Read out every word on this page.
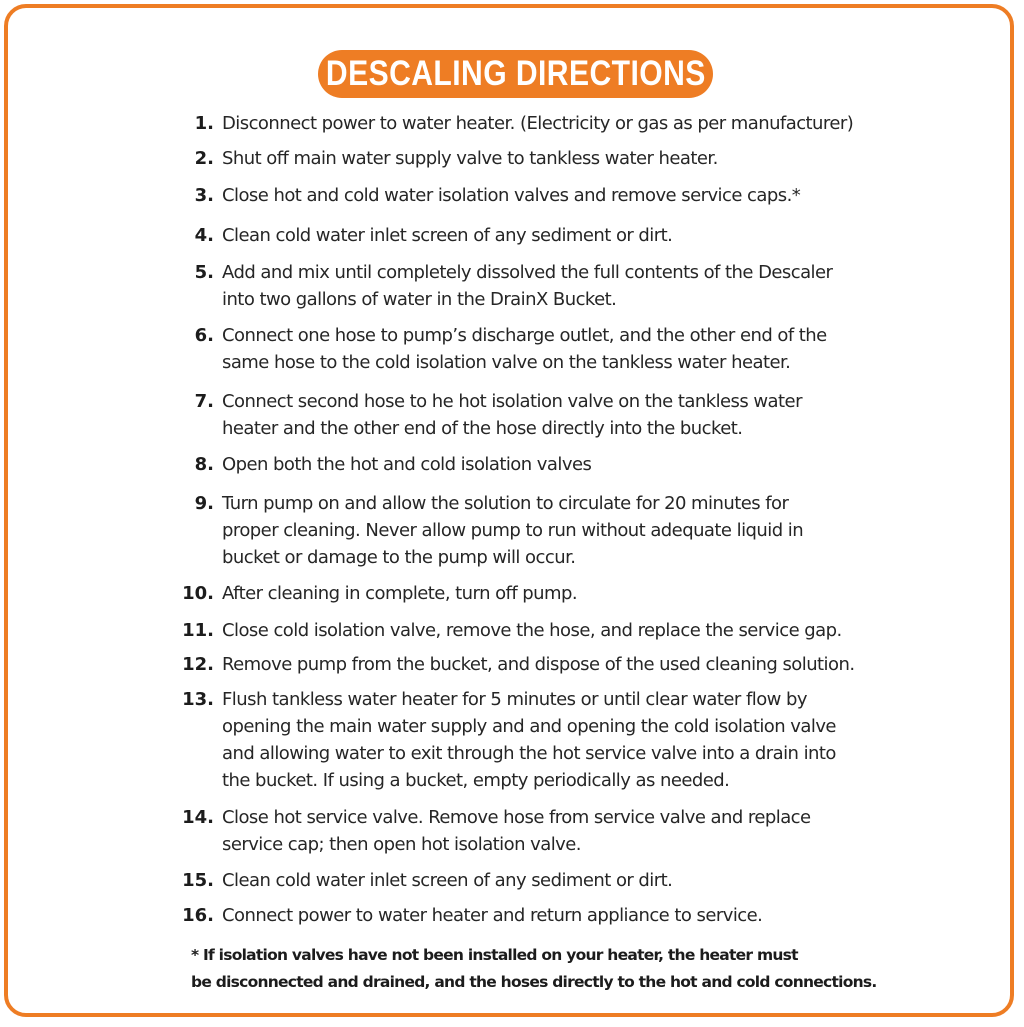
DESCALING DIRECTIONS
1. Disconnect power to water heater. (Electricity or gas as per manufacturer)
2. Shut off main water supply valve to tankless water heater.
3. Close hot and cold water isolation valves and remove service caps.*
4. Clean cold water inlet screen of any sediment or dirt.
5. Add and mix until completely dissolved the full contents of the Descaler
into two gallons of water in the DrainX Bucket.
6. Connect one hose to pump’s discharge outlet, and the other end of the
same hose to the cold isolation valve on the tankless water heater.
7. Connect second hose to he hot isolation valve on the tankless water
heater and the other end of the hose directly into the bucket.
8. Open both the hot and cold isolation valves
9. Turn pump on and allow the solution to circulate for 20 minutes for
proper cleaning. Never allow pump to run without adequate liquid in
bucket or damage to the pump will occur.
10. After cleaning in complete, turn off pump.
11. Close cold isolation valve, remove the hose, and replace the service gap.
12. Remove pump from the bucket, and dispose of the used cleaning solution.
13. Flush tankless water heater for 5 minutes or until clear water flow by
opening the main water supply and and opening the cold isolation valve
and allowing water to exit through the hot service valve into a drain into
the bucket. If using a bucket, empty periodically as needed.
14. Close hot service valve. Remove hose from service valve and replace
service cap; then open hot isolation valve.
15. Clean cold water inlet screen of any sediment or dirt.
16. Connect power to water heater and return appliance to service.
* If isolation valves have not been installed on your heater, the heater must
be disconnected and drained, and the hoses directly to the hot and cold connections.
